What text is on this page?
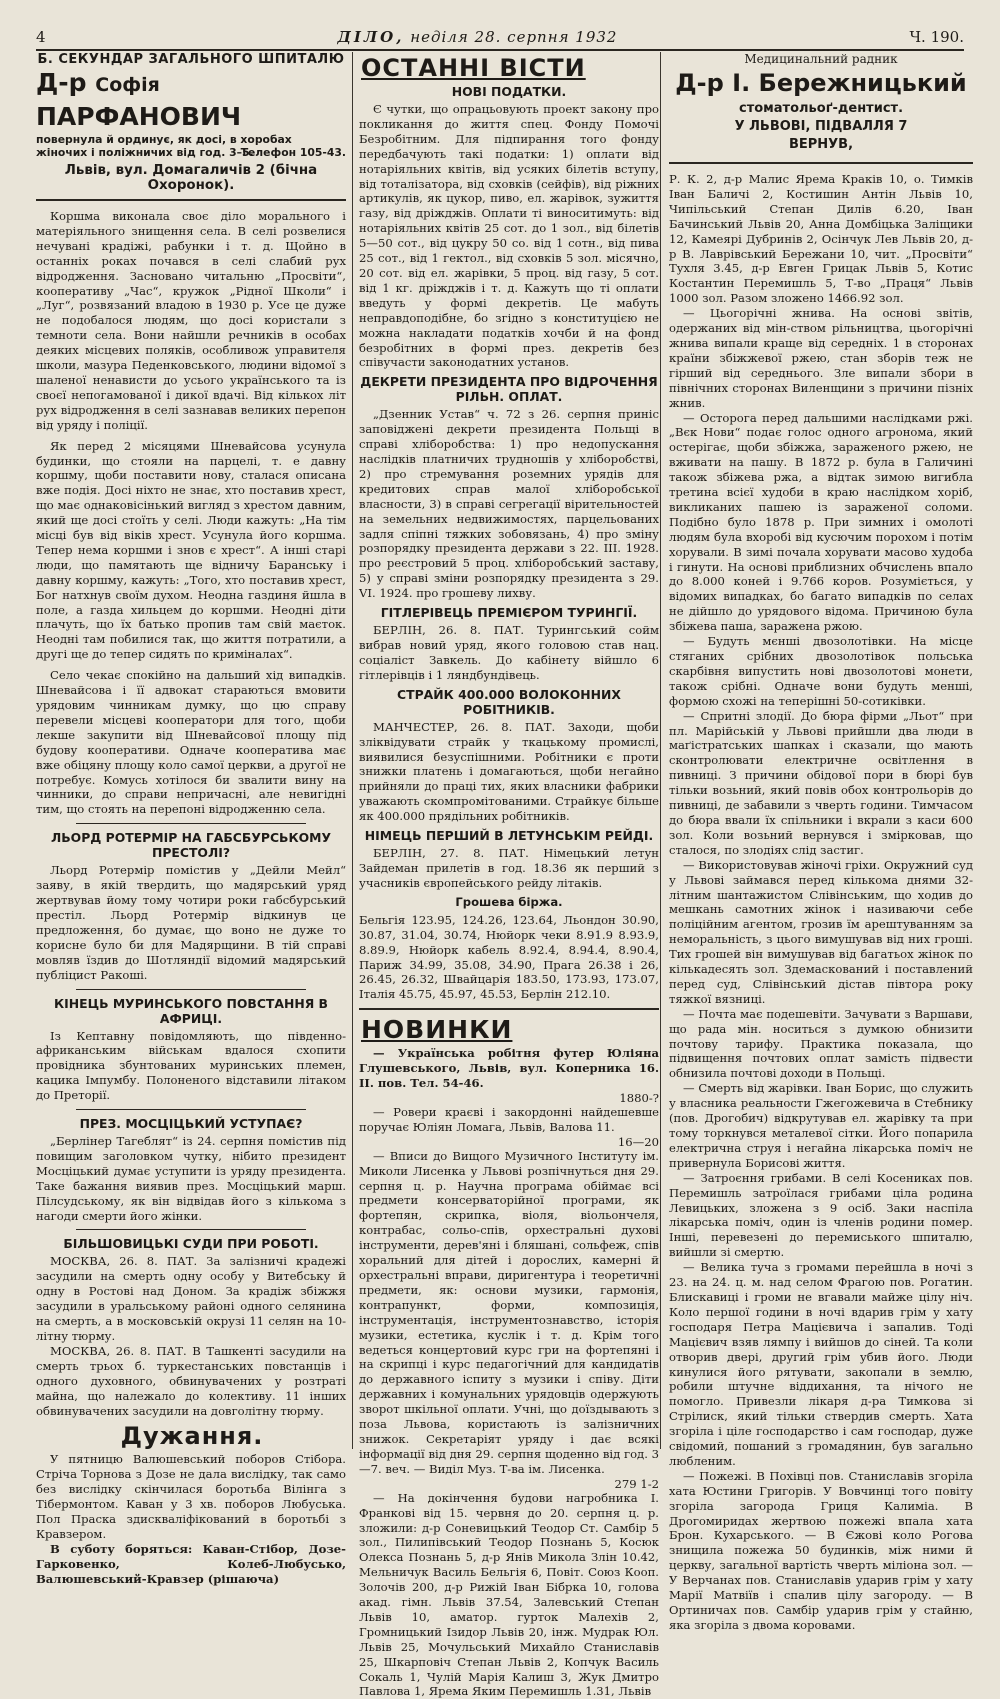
4	ДІЛО, неділя 28. серпня 1932	Ч. 190.
Б. СЕКУНДАР ЗАГАЛЬНОГО ШПИТАЛЮ
Д-р Софія ПАРФАНОВИЧ
повернула й ординує, як досі, в хоробах жіночих і поліжничих від год. 3–5.
Телефон 105-43.
Львів, вул. Домагаличів 2 (бічна Охоронок).

Коршма виконала своє діло морального і матеріяльного знищення села. В селі розвелися нечувані крадіжі, рабунки і т. д. Щойно в останніх роках почався в селі слабий рух відродження. Засновано читальню „Просвіти“, кооперативу „Час“, кружок „Рідної Школи“ і „Луг“, розвязаний владою в 1930 р. Усе це дуже не подобалося людям, що досі користали з темноти села. Вони найшли речників в особах деяких місцевих поляків, особливож управителя школи, мазура Педенковського, людини відомої з шаленої ненависти до усього українського та із своєї непогамованої і дикої вдачі. Від кількох літ рух відродження в селі зазнавав великих перепон від уряду і поліції.

Як перед 2 місяцями Шневайсова усунула будинки, що стояли на парцелі, т. е давну коршму, щоби поставити нову, сталася описана вже подія. Досі ніхто не знає, хто поставив хрест, що має однаковісінький вигляд з хрестом давним, який ще досі стоїть у селі. Люди кажуть: „На тім місці був від віків хрест. Усунула його коршма. Тепер нема коршми і знов є хрест“. А інші старі люди, що памятають ще відничу Баранську і давну коршму, кажуть: „Того, хто поставив хрест, Бог натхнув своїм духом. Неодна газдиня йшла в поле, а газда хильцем до коршми. Неодні діти плачуть, що їх батько пропив там свій маєток. Неодні там побилися так, що життя потратили, а другі ще до тепер сидять по криміналах“.

Село чекає спокійно на дальший хід випадків. Шневайсова і її адвокат стараються вмовити урядовим чинникам думку, що цю справу перевели місцеві кооператори для того, щоби лекше закупити від Шневайсової площу під будову кооперативи. Одначе кооператива має вже обіцяну площу коло самої церкви, а другої не потребує. Комусь хотілося би звалити вину на чинники, до справи непричасні, але невигідні тим, що стоять на перепоні відродженню села.

ЛЬОРД РОТЕРМІР НА ГАБСБУРСЬКОМУ ПРЕСТОЛІ?

Льорд Ротермір помістив у „Дейли Мейл“ заяву, в якій твердить, що мадярський уряд жертвував йому тому чотири роки габсбурський престіл. Льорд Ротермір відкинув це предложення, бо думає, що воно не дуже то корисне було би для Мадярщини. В тій справі мовляв їздив до Шотляндії відомий мадярський публіцист Ракоші.

КІНЕЦЬ МУРИНСЬКОГО ПОВСТАННЯ В АФРИЦІ.

Із Кептавну повідомляють, що південно-африканським військам вдалося схопити провідника збунтованих муринських племен, кацика Імпумбу. Полоненого відставили літаком до Преторії.

ПРЕЗ. МОСЦІЦЬКИЙ УСТУПАЄ?

„Берлінер Тагеблят“ із 24. серпня помістив під повищим заголовком чутку, нібито президент Мосціцький думає уступити із уряду президента. Таке бажання виявив през. Мосціцький марш. Пілсудському, як він відвідав його з кількома з нагоди смерти його жінки.

БІЛЬШОВИЦЬКІ СУДИ ПРИ РОБОТІ.

МОСКВА, 26. 8. ПАТ. За залізничі крадежі засудили на смерть одну особу у Витебську й одну в Ростові над Доном. За крадіж збіжжя засудили в уральському районі одного селянина на смерть, а в московській окрузі 11 селян на 10-літну тюрму.

МОСКВА, 26. 8. ПАТ. В Ташкенті засудили на смерть трьох б. туркестанських повстанців і одного духовного, обвинувачених у розтраті майна, що належало до колективу. 11 інших обвинувачених засудили на довголітну тюрму.

Дужання.

У пятницю Валюшевський поборов Стібора. Стріча Торнова з Дозе не дала вислідку, так само без вислідку скінчилася боротьба Вілінга з Тібермонтом. Каван у 3 хв. поборов Любуська. Пол Праска здискваліфікований в боротьбі з Кравзером.

В суботу боряться: Каван-Стібор, Дозе-Гарковенко, Колеб-Любуськo, Валюшевський-Кравзер (рішаюча)

ОСТАННІ ВІСТИ
НОВІ ПОДАТКИ.

Є чутки, що опрацьовують проект закону про покликання до життя спец. Фонду Помочі Безробітним. Для підпирання того фонду передбачують такі податки: 1) оплати від нотаріяльних квітів, від усяких білетів вступу, від тоталізатора, від сховків (сейфів), від ріжних артикулів, як цукор, пиво, ел. жарівок, зужиття газу, від дріжджів. Оплати ті виноситимуть: від нотаріяльних квітів 25 сот. до 1 зол., від білетів 5—50 сот., від цукру 50 со. від 1 сотн., від пива 25 сот., від 1 гектол., від сховків 5 зол. місячно, 20 сот. від ел. жарівки, 5 проц. від газу, 5 сот. від 1 кг. дріжджів і т. д. Кажуть що ті оплати введуть у формі декретів. Це мабуть неправдоподібне, бо згідно з конституцією не можна накладати податків хочби й на фонд безробітних в формі през. декретів без співучасти законодатних установ.

ДЕКРЕТИ ПРЕЗИДЕНТА ПРО ВІДРОЧЕННЯ РІЛЬН. ОПЛАТ.

„Дзенник Устав“ ч. 72 з 26. серпня приніс заповіджені декрети президента Польщі в справі хліборобства: 1) про недопускання наслідків платничих трудношів у хліборобстві, 2) про стремування роземних урядів для кредитових справ малої хліборобської власности, 3) в справі сегрегації вірительностей на земельних недвижимостях, парцельованих задля спіпні тяжких зобовязань, 4) про зміну розпорядку президента держави з 22. III. 1928. про реєстровий 5 проц. хліборобський заставу, 5) у справі зміни розпорядку президента з 29. VI. 1924. про грошеву лихву.

ГІТЛЕРІВЕЦЬ ПРЕМІЄРОМ ТУРИНГІЇ.

БЕРЛІН, 26. 8. ПАТ. Турингський сойм вибрав новий уряд, якого головою став нац. соціаліст Завкель. До кабінету війшло 6 гітлерівців і 1 ляндбундівець.

СТРАЙК 400.000 ВОЛОКОННИХ РОБІТНИКІВ.

МАНЧЕСТЕР, 26. 8. ПАТ. Заходи, щоби зліквідувати страйк у ткацькому промислі, виявилися безуспішними. Робітники є проти знижки платень і домагаються, щоби негайно прийняли до праці тих, яких власники фабрики уважають скомпромітованими. Страйкує більше як 400.000 прядільних робітників.

НІМЕЦЬ ПЕРШИЙ В ЛЕТУНСЬКІМ РЕЙДІ.

БЕРЛІН, 27. 8. ПАТ. Німецький летун Зайдеман прилетів в год. 18.36 як перший з учасників європейського рейду літаків.

Грошева біржа.

Бельгія 123.95, 124.26, 123.64, Льондон 30.90, 30.87, 31.04, 30.74, Нюйорк чеки 8.91.9 8.93.9, 8.89.9, Нюйорк кабель 8.92.4, 8.94.4, 8.90.4, Париж 34.99, 35.08, 34.90, Прага 26.38 і 26, 26.45, 26.32, Швайцарія 183.50, 173.93, 173.07, Італія 45.75, 45.97, 45.53, Берлін 212.10.

НОВИНКИ

— Українська робітня футер Юліяна Глушевського, Львів, вул. Коперника 16. II. пов. Тел. 54-46.

1880-?

— Ровери краєві і закордонні найдешевше поручає Юліян Ломага, Львів, Валова 11.

16—20

— Вписи до Вищого Музичного Інституту ім. Миколи Лисенка у Львові розпічнуться дня 29. серпня ц. р. Научна програма обіймає всі предмети консерваторійної програми, як фортепян, скрипка, віоля, віольончеля, контрабас, сольо-спів, орхестральні духові інструменти, дерев'яні і бляшані, сольфеж, спів хоральний для дітей і дорослих, камерні й орхестральні вправи, диригентура і теоретичні предмети, як: основи музики, гармонія, контрапункт, форми, композиція, інструментація, інструментознавство, історія музики, естетика, куслік і т. д. Крім того ведеться концертовий курс гри на фортепяні і на скрипці і курс педагогічний для кандидатів до державного іспиту з музики і співу. Діти державних і комунальних урядовців одержують зворот шкільної оплати. Учні, що доїздывають з поза Львова, користають із залізничних знижок. Секретаріят уряду і дає всякі інформації від дня 29. серпня щоденно від год. 3—7. веч. — Виділ Муз. Т-ва ім. Лисенка.

279 1-2

— На докінчення будови нагробника І. Франкові від 15. червня до 20. серпня ц. р. зложили: д-р Соневицький Теодор Ст. Самбір 5 зол., Пилипівський Теодор Познань 5, Косюк Олекса Познань 5, д-р Янів Микола Злін 10.42, Мельничук Василь Бельгія 6, Повіт. Союз Кооп. Золочів 200, д-р Рижій Іван Бібрка 10, голова акад. гімн. Львів 37.54, Залевський Степан Львів 10, аматор. гурток Малехів 2, Громницький Ізидор Львів 20, інж. Мудрак Юл. Львів 25, Мочульський Михайло Станиславів 25, Шкарповіч Степан Львів 2, Копчук Василь Сокаль 1, Чулій Марія Калиш 3, Жук Дмитро Павлова 1, Ярема Яким Перемишль 1.31, Львів

Медицинальний радник
Д-р І. Бережницький
стоматольоґ-дентист.
У ЛЬВОВІ, ПІДВАЛЛЯ 7
ВЕРНУВ,

Р. К. 2, д-р Малис Ярема Краків 10, о. Тимків Іван Баличі 2, Костишин Антін Львів 10, Чипільський Степан Дилів 6.20, Іван Бачинський Львів 20, Анна Домбіцька Заліщики 12, Камеярі Дубринів 2, Осінчук Лев Львів 20, д-р В. Лаврівський Бережани 10, чит. „Просвіти“ Тухля 3.45, д-р Евген Грицак Львів 5, Котис Костантин Перемишль 5, Т-во „Праця“ Львів 1000 зол. Разом зложено 1466.92 зол.

— Цьогорічні жнива. На основі звітів, одержаних від мін-ством рільництва, цьогорічні жнива випали краще від середніх. 1 в сторонах країни збіжжевої ржею, стан зборів теж не гірший від середнього. Зле випали збори в північних сторонах Виленщини з причини пізніх жнив.

— Осторога перед дальшими наслідками ржі. „Вєк Нови“ подає голос одного агронома, який остерігає, щоби збіжжа, зараженого ржею, не вживати на пашу. В 1872 р. була в Галичині також збіжева ржа, а відтак зимою вигибла третина всієї худоби в краю наслідком хоріб, викликаних пашею із зараженої соломи. Подібно було 1878 р. При зимних і омолоті людям була вхоробі від кусючим порохом і потім хорували. В зимі почала хорувати масово худоба і гинути. На основі приблизних обчислень впало до 8.000 коней і 9.766 коров. Розуміється, у відомих випадках, бо багато випадків по селах не дійшло до урядового відома. Причиною була збіжева паша, заражена ржою.

— Будуть мєнші двозолотівки. На місце стяганих срібних двозолотівок польська скарбівня випустить нові двозолотові монети, також срібні. Одначе вони будуть менші, формою схожі на теперішні 50-сотиківки.

— Спритні злодії. До бюра фірми „Льот“ при пл. Марійській у Львові прийшли два люди в маґістратських шапках і сказали, що мають сконтролювати електричне освітлення в пивниці. З причини обідової пори в бюрі був тільки возьний, який повів обох контрольорів до пивниці, де забавили з чверть години. Тимчасом до бюра ввали їх спільники і вкрали з каси 600 зол. Коли возьний вернувся і змірковав, що сталося, по злодіях слід застиг.

— Використовував жіночі гріхи. Окружний суд у Львові займався перед кількома днями 32-літним шантажистом Слівінським, що ходив до мешкань самотних жінок і називаючи себе поліційним агентом, грозив їм арештуванням за неморальність, з цього вимушував від них гроші. Тих грошей він вимушував від багатьох жінок по кількадесять зол. Здемаскований і поставлений перед суд, Слівінський дістав півтора року тяжкої вязниці.

— Почта має подешевіти. Зачувати з Варшави, що рада мін. носиться з думкою обнизити почтову тарифу. Практика показала, що підвищення почтових оплат замість підвести обнизила почтові доходи в Польщі.

— Смерть від жарівки. Іван Борис, що служить у власника реальности Гжегожевича в Стебнику (пов. Дрогобич) відкрутував ел. жарівку та при тому торкнувся металевої сітки. Його попарила електрична струя і негайна лікарська поміч не привернула Борисові життя.

— Затроєння грибами. В селі Косениках пов. Перемишль затроїлася грибами ціла родина Левицьких, зложена з 9 осіб. Заки наспіла лікарська поміч, один із членів родини помер. Інші, перевезені до перемиського шпиталю, вийшли зі смертю.

— Велика туча з громами перейшла в ночі з 23. на 24. ц. м. над селом Фрагою пов. Рогатин. Блискавиці і громи не вгавали майже цілу ніч. Коло першої години в ночі вдарив грім у хату господаря Петра Мацієвича і запалив. Тоді Мацієвич взяв лямпу і вийшов до сіней. Та коли отворив двері, другий грім убив його. Люди кинулися його рятувати, закопали в землю, робили штучне віддихання, та нічого не помогло. Привезли лікаря д-ра Тимкова зі Стрілиск, який тільки ствердив смерть. Хата згоріла і ціле господарство і сам господар, дуже свідомий, пошаний з громадянин, був загально любленим.

— Пожежі. В Похівці пов. Станиславів згоріла хата Юстини Григорів. У Вовчинці того повіту згоріла загорода Гриця Калиміа. В Дрогомиридах жертвою пожежі впала хата Брон. Кухарського. — В Єжові коло Рогова знищила пожежа 50 будинків, між ними й церкву, загальної вартість чверть міліона зол. — У Верчанах пов. Станиславів ударив грім у хату Марії Матвіїв і спалив цілу загороду. — В Ортиничах пов. Самбір ударив грім у стайню, яка згоріла з двома коровами.
